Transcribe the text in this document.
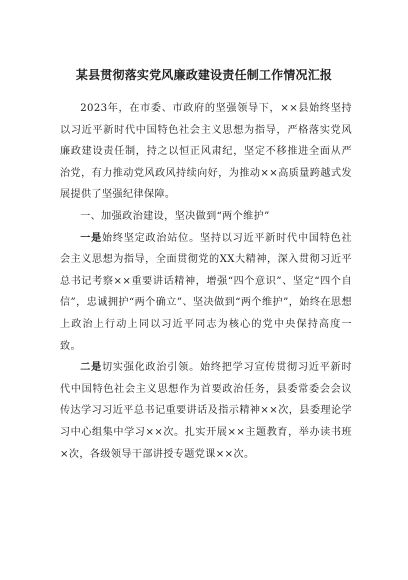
某县贯彻落实党风廉政建设责任制工作情况汇报

2023年，在市委、市政府的坚强领导下，××县始终坚持以习近平新时代中国特色社会主义思想为指导，严格落实党风廉政建设责任制，持之以恒正风肃纪，坚定不移推进全面从严治党，有力推动党风政风持续向好，为推动××高质量跨越式发展提供了坚强纪律保障。

一、加强政治建设，坚决做到“两个维护”

一是始终坚定政治站位。坚持以习近平新时代中国特色社会主义思想为指导，全面贯彻党的XX大精神，深入贯彻习近平总书记考察××重要讲话精神，增强“四个意识”、坚定“四个自信”，忠诚拥护“两个确立”、坚决做到“两个维护”，始终在思想上政治上行动上同以习近平同志为核心的党中央保持高度一致。

二是切实强化政治引领。始终把学习宣传贯彻习近平新时代中国特色社会主义思想作为首要政治任务，县委常委会会议传达学习习近平总书记重要讲话及指示精神××次，县委理论学习中心组集中学习××次。扎实开展××主题教育，举办读书班×次，各级领导干部讲授专题党课××次。
